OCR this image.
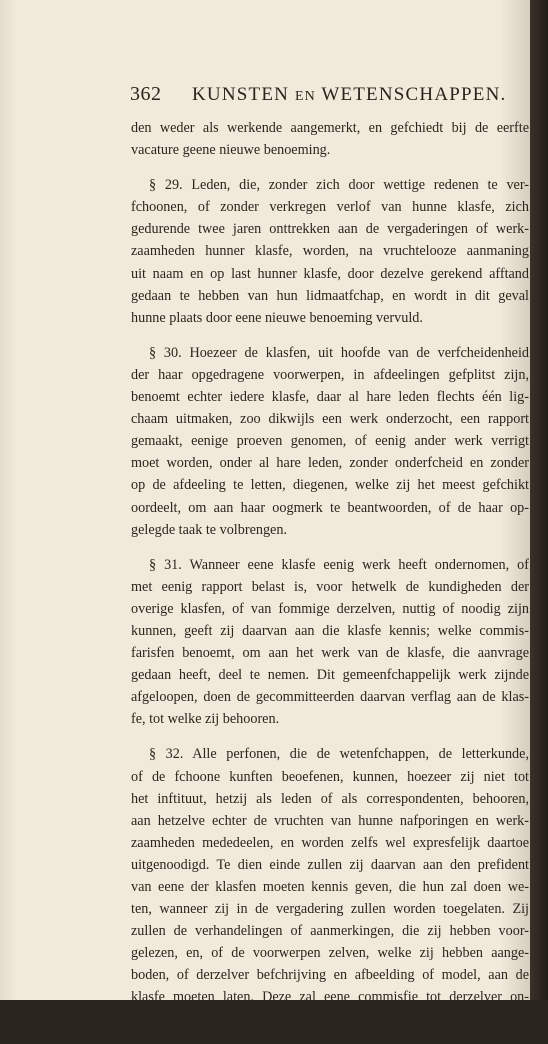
362 KUNSTEN EN WETENSCHAPPEN.
den weder als werkende aangemerkt, en gefchiedt bij de eerfte
vacature geene nieuwe benoeming.
§ 29. Leden, die, zonder zich door wettige redenen te ver-
fchoonen, of zonder verkregen verlof van hunne klasfe, zich
gedurende twee jaren onttrekken aan de vergaderingen of werk-
zaamheden hunner klasfe, worden, na vruchtelooze aanmaning
uit naam en op last hunner klasfe, door dezelve gerekend afftand
gedaan te hebben van hun lidmaatfchap, en wordt in dit geval
hunne plaats door eene nieuwe benoeming vervuld.
§ 30. Hoezeer de klasfen, uit hoofde van de verfcheidenheid
der haar opgedragene voorwerpen, in afdeelingen gefplitst zijn,
benoemt echter iedere klasfe, daar al hare leden flechts één lig-
chaam uitmaken, zoo dikwijls een werk onderzocht, een rapport
gemaakt, eenige proeven genomen, of eenig ander werk verrigt
moet worden, onder al hare leden, zonder onderfcheid en zonder
op de afdeeling te letten, diegenen, welke zij het meest gefchikt
oordeelt, om aan haar oogmerk te beantwoorden, of de haar op-
gelegde taak te volbrengen.
§ 31. Wanneer eene klasfe eenig werk heeft ondernomen, of
met eenig rapport belast is, voor hetwelk de kundigheden der
overige klasfen, of van fommige derzelven, nuttig of noodig zijn
kunnen, geeft zij daarvan aan die klasfe kennis; welke commis-
farisfen benoemt, om aan het werk van de klasfe, die aanvrage
gedaan heeft, deel te nemen. Dit gemeenfchappelijk werk zijnde
afgeloopen, doen de gecommitteerden daarvan verflag aan de klas-
fe, tot welke zij behooren.
§ 32. Alle perfonen, die de wetenfchappen, de letterkunde,
of de fchoone kunften beoefenen, kunnen, hoezeer zij niet tot
het inftituut, hetzij als leden of als correspondenten, behooren,
aan hetzelve echter de vruchten van hunne nafporingen en werk-
zaamheden mededeelen, en worden zelfs wel expresfelijk daartoe
uitgenoodigd. Te dien einde zullen zij daarvan aan den prefident
van eene der klasfen moeten kennis geven, die hun zal doen we-
ten, wanneer zij in de vergadering zullen worden toegelaten. Zij
zullen de verhandelingen of aanmerkingen, die zij hebben voor-
gelezen, en, of de voorwerpen zelven, welke zij hebben aange-
boden, of derzelver befchrijving en afbeelding of model, aan de
klasfe moeten laten. Deze zal eene commisfie tot derzelver on-
derzoek benoemen, en, zoo het ingezondene of voorgelezene
